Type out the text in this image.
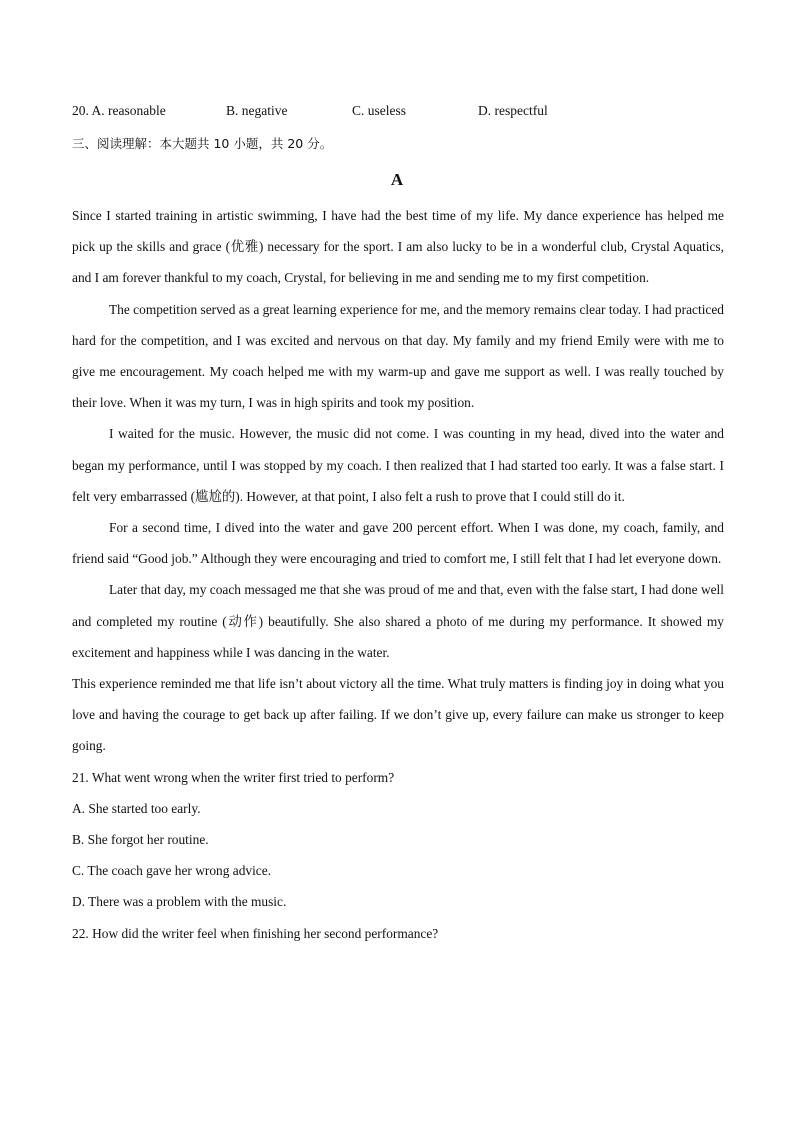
20. A. reasonable	B. negative	C. useless	D. respectful
三、阅读理解：本大题共 10 小题，共 20 分。
A

Since I started training in artistic swimming, I have had the best time of my life. My dance experience has helped me pick up the skills and grace (优雅) necessary for the sport. I am also lucky to be in a wonderful club, Crystal Aquatics, and I am forever thankful to my coach, Crystal, for believing in me and sending me to my first competition.

The competition served as a great learning experience for me, and the memory remains clear today. I had practiced hard for the competition, and I was excited and nervous on that day. My family and my friend Emily were with me to give me encouragement. My coach helped me with my warm-up and gave me support as well. I was really touched by their love. When it was my turn, I was in high spirits and took my position.

I waited for the music. However, the music did not come. I was counting in my head, dived into the water and began my performance, until I was stopped by my coach. I then realized that I had started too early. It was a false start. I felt very embarrassed (尴尬的). However, at that point, I also felt a rush to prove that I could still do it.

For a second time, I dived into the water and gave 200 percent effort. When I was done, my coach, family, and friend said “Good job.” Although they were encouraging and tried to comfort me, I still felt that I had let everyone down.

Later that day, my coach messaged me that she was proud of me and that, even with the false start, I had done well and completed my routine (动作) beautifully. She also shared a photo of me during my performance. It showed my excitement and happiness while I was dancing in the water.

This experience reminded me that life isn’t about victory all the time. What truly matters is finding joy in doing what you love and having the courage to get back up after failing. If we don’t give up, every failure can make us stronger to keep going.

21. What went wrong when the writer first tried to perform?

A. She started too early.

B. She forgot her routine.

C. The coach gave her wrong advice.

D. There was a problem with the music.

22. How did the writer feel when finishing her second performance?
